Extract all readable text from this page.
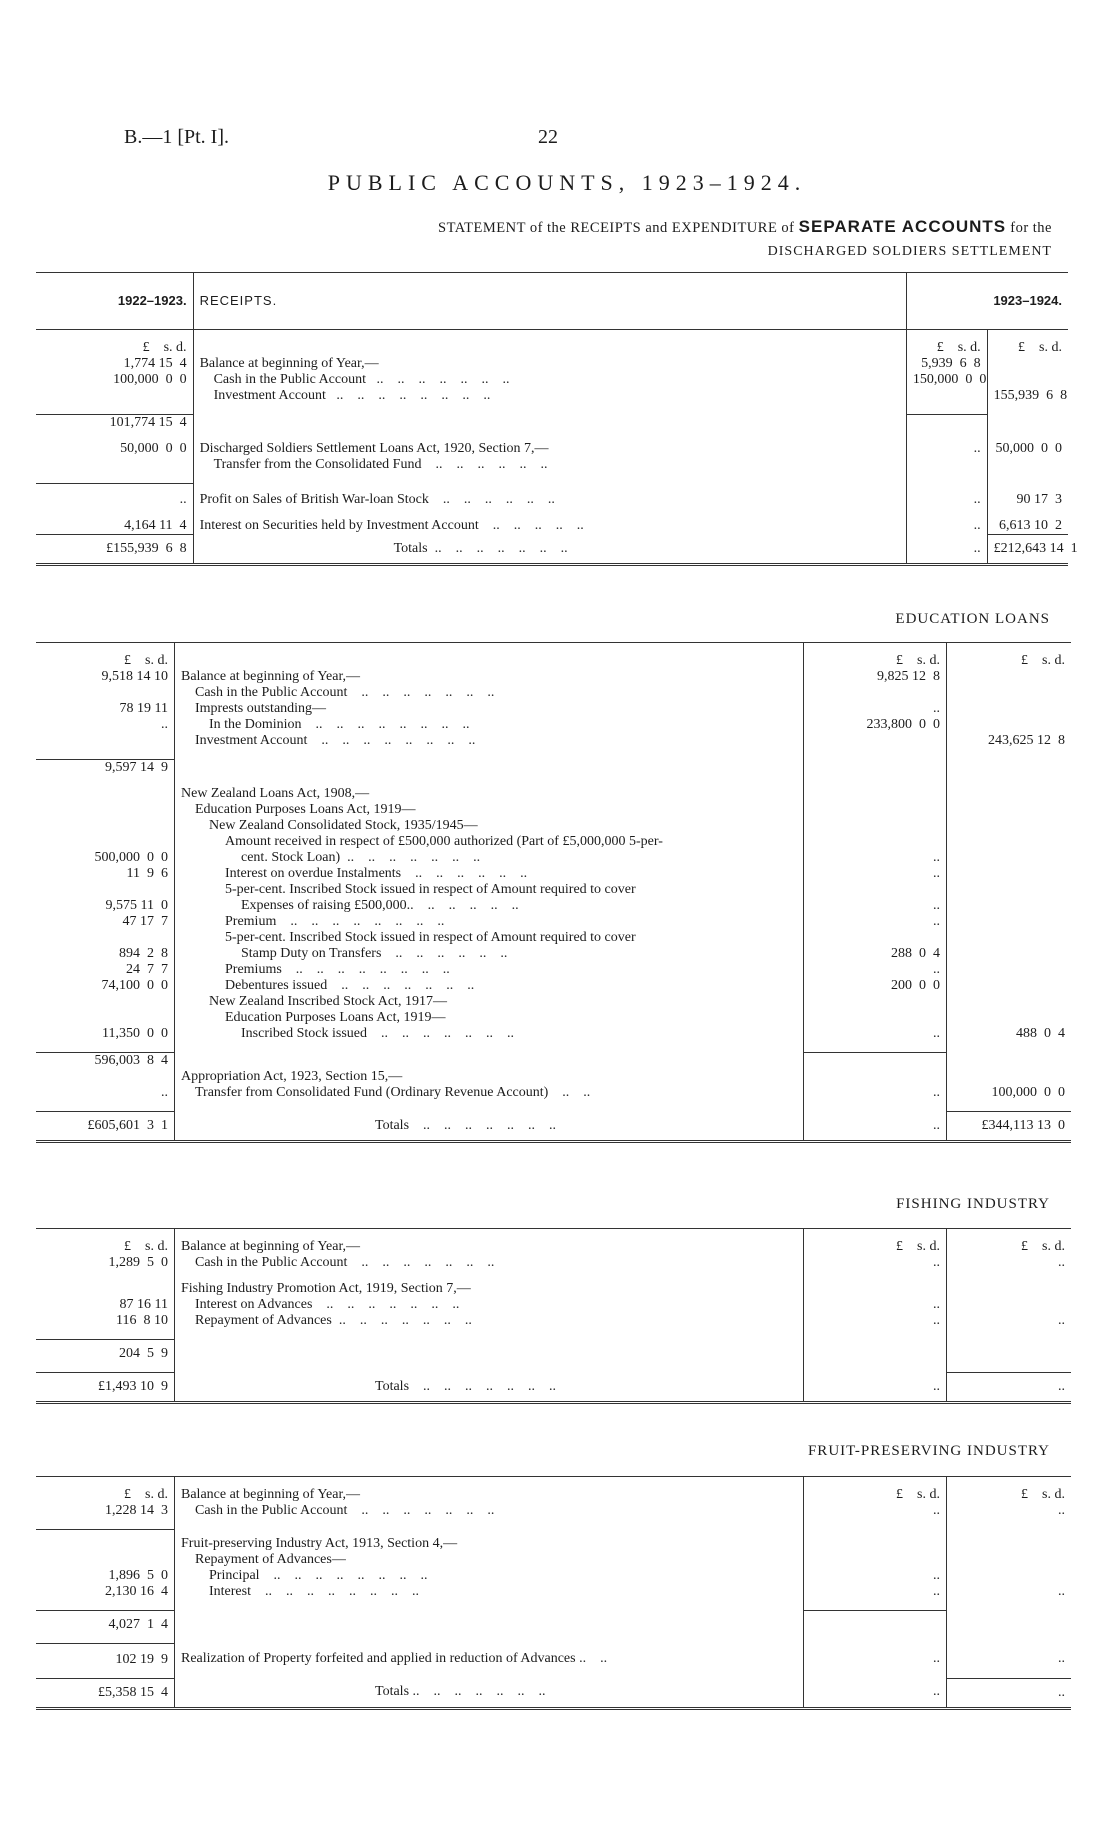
B.—1 [Pt. I].	22
PUBLIC ACCOUNTS, 1923–1924.
STATEMENT of the RECEIPTS and EXPENDITURE of SEPARATE ACCOUNTS for the
DISCHARGED SOLDIERS SETTLEMENT
1922–1923.	RECEIPTS.	1923–1924.	

£    s. d.		£    s. d.	£    s. d.
1,774 15  4	Balance at beginning of Year,—	5,939  6  8	
100,000  0  0	Cash in the Public Account   ..    ..    ..    ..    ..    ..    ..	150,000  0  0	
	Investment Account   ..    ..    ..    ..    ..    ..    ..    ..		155,939  6  8

101,774 15  4			

50,000  0  0	Discharged Soldiers Settlement Loans Act, 1920, Section 7,—	..	50,000  0  0
	Transfer from the Consolidated Fund    ..    ..    ..    ..    ..    ..		

..	Profit on Sales of British War-loan Stock    ..    ..    ..    ..    ..    ..	..	90 17  3

4,164 11  4	Interest on Securities held by Investment Account    ..    ..    ..    ..    ..	..	6,613 10  2
£155,939  6  8	Totals  ..    ..    ..    ..    ..    ..    ..	..	£212,643 14  1
EDUCATION LOANS

£    s. d.		£    s. d.	£    s. d.
9,518 14 10	Balance at beginning of Year,—	9,825 12  8	
	Cash in the Public Account    ..    ..    ..    ..    ..    ..    ..		
78 19 11	Imprests outstanding—	..	
..	In the Dominion    ..    ..    ..    ..    ..    ..    ..    ..	233,800  0  0	
	Investment Account    ..    ..    ..    ..    ..    ..    ..    ..		243,625 12  8

9,597 14  9			

	New Zealand Loans Act, 1908,—		
	Education Purposes Loans Act, 1919—		
	New Zealand Consolidated Stock, 1935/1945—		
	Amount received in respect of £500,000 authorized (Part of £5,000,000 5-per-		
500,000  0  0	cent. Stock Loan)  ..    ..    ..    ..    ..    ..    ..	..	
11  9  6	Interest on overdue Instalments    ..    ..    ..    ..    ..    ..	..	
	5-per-cent. Inscribed Stock issued in respect of Amount required to cover		
9,575 11  0	Expenses of raising £500,000..    ..    ..    ..    ..    ..	..	
47 17  7	Premium    ..    ..    ..    ..    ..    ..    ..    ..	..	
	5-per-cent. Inscribed Stock issued in respect of Amount required to cover		
894  2  8	Stamp Duty on Transfers    ..    ..    ..    ..    ..    ..	288  0  4	
24  7  7	Premiums    ..    ..    ..    ..    ..    ..    ..    ..	..	
74,100  0  0	Debentures issued    ..    ..    ..    ..    ..    ..    ..	200  0  0	
	New Zealand Inscribed Stock Act, 1917—		
	Education Purposes Loans Act, 1919—		
11,350  0  0	Inscribed Stock issued    ..    ..    ..    ..    ..    ..    ..	..	488  0  4

596,003  8  4			
	Appropriation Act, 1923, Section 15,—		
..	Transfer from Consolidated Fund (Ordinary Revenue Account)    ..    ..	..	100,000  0  0

£605,601  3  1	Totals    ..    ..    ..    ..    ..    ..    ..	..	£344,113 13  0
FISHING INDUSTRY

£    s. d.	Balance at beginning of Year,—	£    s. d.	£    s. d.
1,289  5  0	Cash in the Public Account    ..    ..    ..    ..    ..    ..    ..	..	..

	Fishing Industry Promotion Act, 1919, Section 7,—		
87 16 11	Interest on Advances    ..    ..    ..    ..    ..    ..    ..	..	
116  8 10	Repayment of Advances  ..    ..    ..    ..    ..    ..    ..	..	..

204  5  9			

£1,493 10  9	Totals    ..    ..    ..    ..    ..    ..    ..	..	..
FRUIT-PRESERVING INDUSTRY

£    s. d.	Balance at beginning of Year,—	£    s. d.	£    s. d.
1,228 14  3	Cash in the Public Account    ..    ..    ..    ..    ..    ..    ..	..	..

	Fruit-preserving Industry Act, 1913, Section 4,—		
	Repayment of Advances—		
1,896  5  0	Principal    ..    ..    ..    ..    ..    ..    ..    ..	..	
2,130 16  4	Interest    ..    ..    ..    ..    ..    ..    ..    ..	..	..

4,027  1  4			

102 19  9	Realization of Property forfeited and applied in reduction of Advances ..    ..	..	..

£5,358 15  4	Totals ..    ..    ..    ..    ..    ..    ..	..	..
